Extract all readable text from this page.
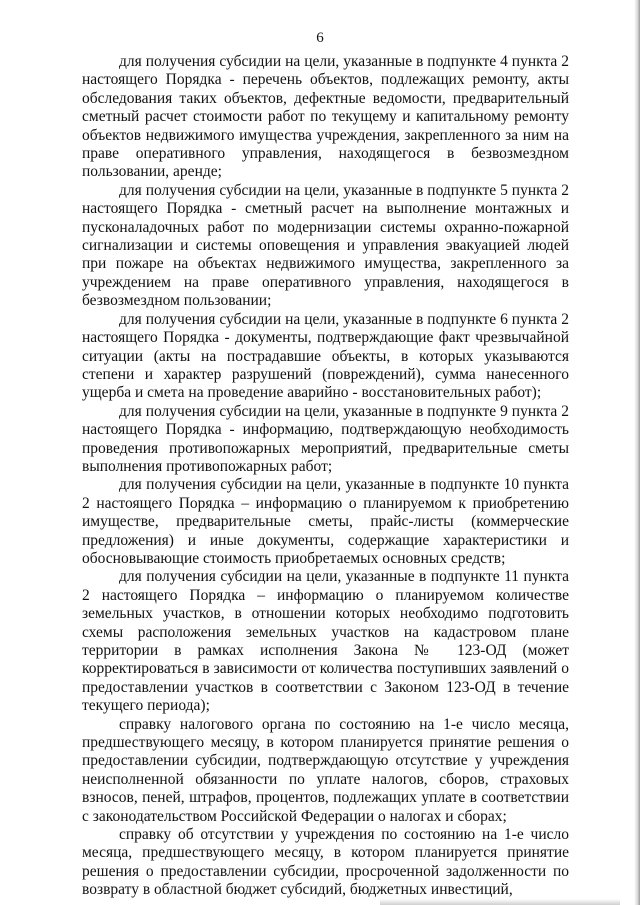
6

для получения субсидии на цели, указанные в подпункте 4 пункта 2 настоящего Порядка - перечень объектов, подлежащих ремонту, акты обследования таких объектов, дефектные ведомости, предварительный сметный расчет стоимости работ по текущему и капитальному ремонту объектов недвижимого имущества учреждения, закрепленного за ним на праве оперативного управления, находящегося в безвозмездном пользовании, аренде;

для получения субсидии на цели, указанные в подпункте 5 пункта 2 настоящего Порядка - сметный расчет на выполнение монтажных и пусконаладочных работ по модернизации системы охранно-пожарной сигнализации и системы оповещения и управления эвакуацией людей при пожаре на объектах недвижимого имущества, закрепленного за учреждением на праве оперативного управления, находящегося в безвозмездном пользовании;

для получения субсидии на цели, указанные в подпункте 6 пункта 2 настоящего Порядка - документы, подтверждающие факт чрезвычайной ситуации (акты на пострадавшие объекты, в которых указываются степени и характер разрушений (повреждений), сумма нанесенного ущерба и смета на проведение аварийно - восстановительных работ);

для получения субсидии на цели, указанные в подпункте 9 пункта 2 настоящего Порядка - информацию, подтверждающую необходимость проведения противопожарных мероприятий, предварительные сметы выполнения противопожарных работ;

для получения субсидии на цели, указанные в подпункте 10 пункта 2 настоящего Порядка – информацию о планируемом к приобретению имуществе, предварительные сметы, прайс-листы (коммерческие предложения) и иные документы, содержащие характеристики и обосновывающие стоимость приобретаемых основных средств;

для получения субсидии на цели, указанные в подпункте 11 пункта 2 настоящего Порядка – информацию о планируемом количестве земельных участков, в отношении которых необходимо подготовить схемы расположения земельных участков на кадастровом плане территории в рамках исполнения Закона № 123-ОД (может корректироваться в зависимости от количества поступивших заявлений о предоставлении участков в соответствии с Законом 123-ОД в течение текущего периода);

справку налогового органа по состоянию на 1-е число месяца, предшествующего месяцу, в котором планируется принятие решения о предоставлении субсидии, подтверждающую отсутствие у учреждения неисполненной обязанности по уплате налогов, сборов, страховых взносов, пеней, штрафов, процентов, подлежащих уплате в соответствии с законодательством Российской Федерации о налогах и сборах;

справку об отсутствии у учреждения по состоянию на 1-е число месяца, предшествующего месяцу, в котором планируется принятие решения о предоставлении субсидии, просроченной задолженности по возврату в областной бюджет субсидий, бюджетных инвестиций,
